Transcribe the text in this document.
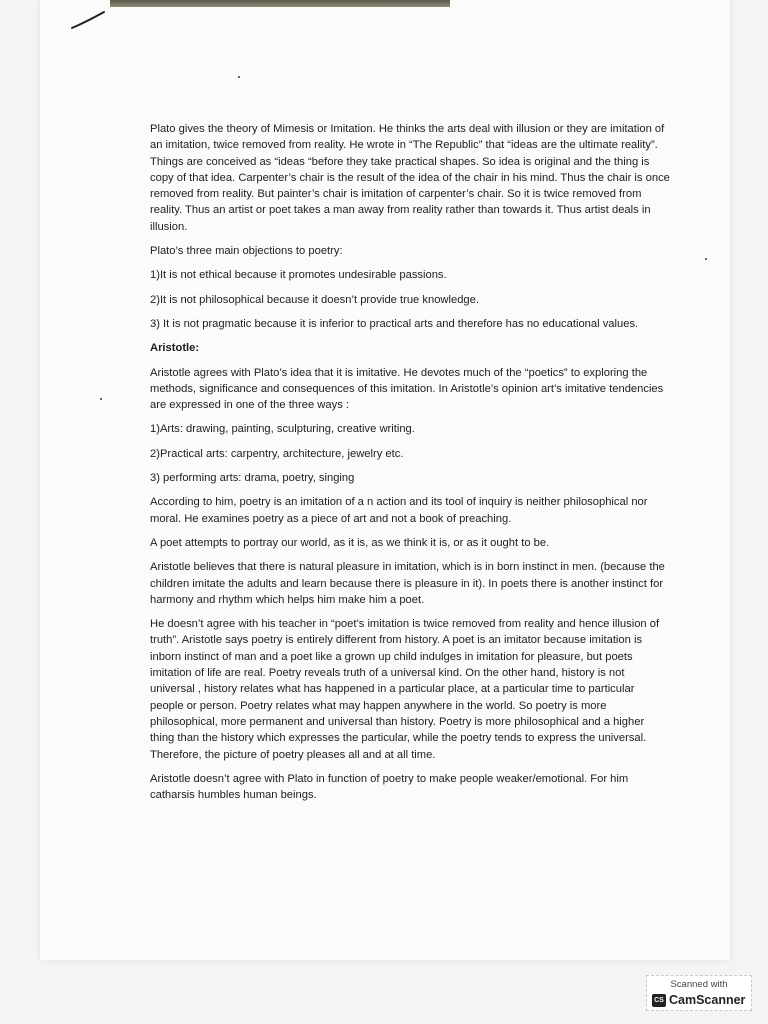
Plato gives the theory of Mimesis or Imitation. He thinks the arts deal with illusion or they are imitation of an imitation, twice removed from reality. He wrote in “The Republic” that “ideas are the ultimate reality”. Things are conceived as “ideas “before they take practical shapes. So idea is original and the thing is copy of that idea. Carpenter’s chair is the result of the idea of the chair in his mind. Thus the chair is once removed from reality. But painter’s chair is imitation of carpenter’s chair. So it is twice removed from reality. Thus an artist or poet takes a man away from reality rather than towards it. Thus artist deals in illusion.

Plato’s three main objections to poetry:

1)It is not ethical because it promotes undesirable passions.

2)It is not philosophical because it doesn’t provide true knowledge.

3) It is not pragmatic because it is inferior to practical arts and therefore has no educational values.

Aristotle:

Aristotle agrees with Plato’s idea that it is imitative. He devotes much of the “poetics” to exploring the methods, significance and consequences of this imitation. In Aristotle’s opinion art’s imitative tendencies are expressed in one of the three ways :

1)Arts: drawing, painting, sculpturing, creative writing.

2)Practical arts: carpentry, architecture, jewelry etc.

3) performing arts: drama, poetry, singing

According to him, poetry is an imitation of a n action and its tool of inquiry is neither philosophical nor moral. He examines poetry as a piece of art and not a book of preaching.

A poet attempts to portray our world, as it is, as we think it is, or as it ought to be.

Aristotle believes that there is natural pleasure in imitation, which is in born instinct in men. (because the children imitate the adults and learn because there is pleasure in it). In poets there is another instinct for harmony and rhythm which helps him make him a poet.

He doesn’t agree with his teacher in “poet’s imitation is twice removed from reality and hence illusion of truth”. Aristotle says poetry is entirely different from history. A poet is an imitator because imitation is inborn instinct of man and a poet like a grown up child indulges in imitation for pleasure, but poets imitation of life are real. Poetry reveals truth of a universal kind. On the other hand, history is not universal , history relates what has happened in a particular place, at a particular time to particular people or person. Poetry relates what may happen anywhere in the world. So poetry is more philosophical, more permanent and universal than history. Poetry is more philosophical and a higher thing than the history which expresses the particular, while the poetry tends to express the universal. Therefore, the picture of poetry pleases all and at all time.

Aristotle doesn’t agree with Plato in function of poetry to make people weaker/emotional. For him catharsis humbles human beings.

Scanned with
CS CamScanner
